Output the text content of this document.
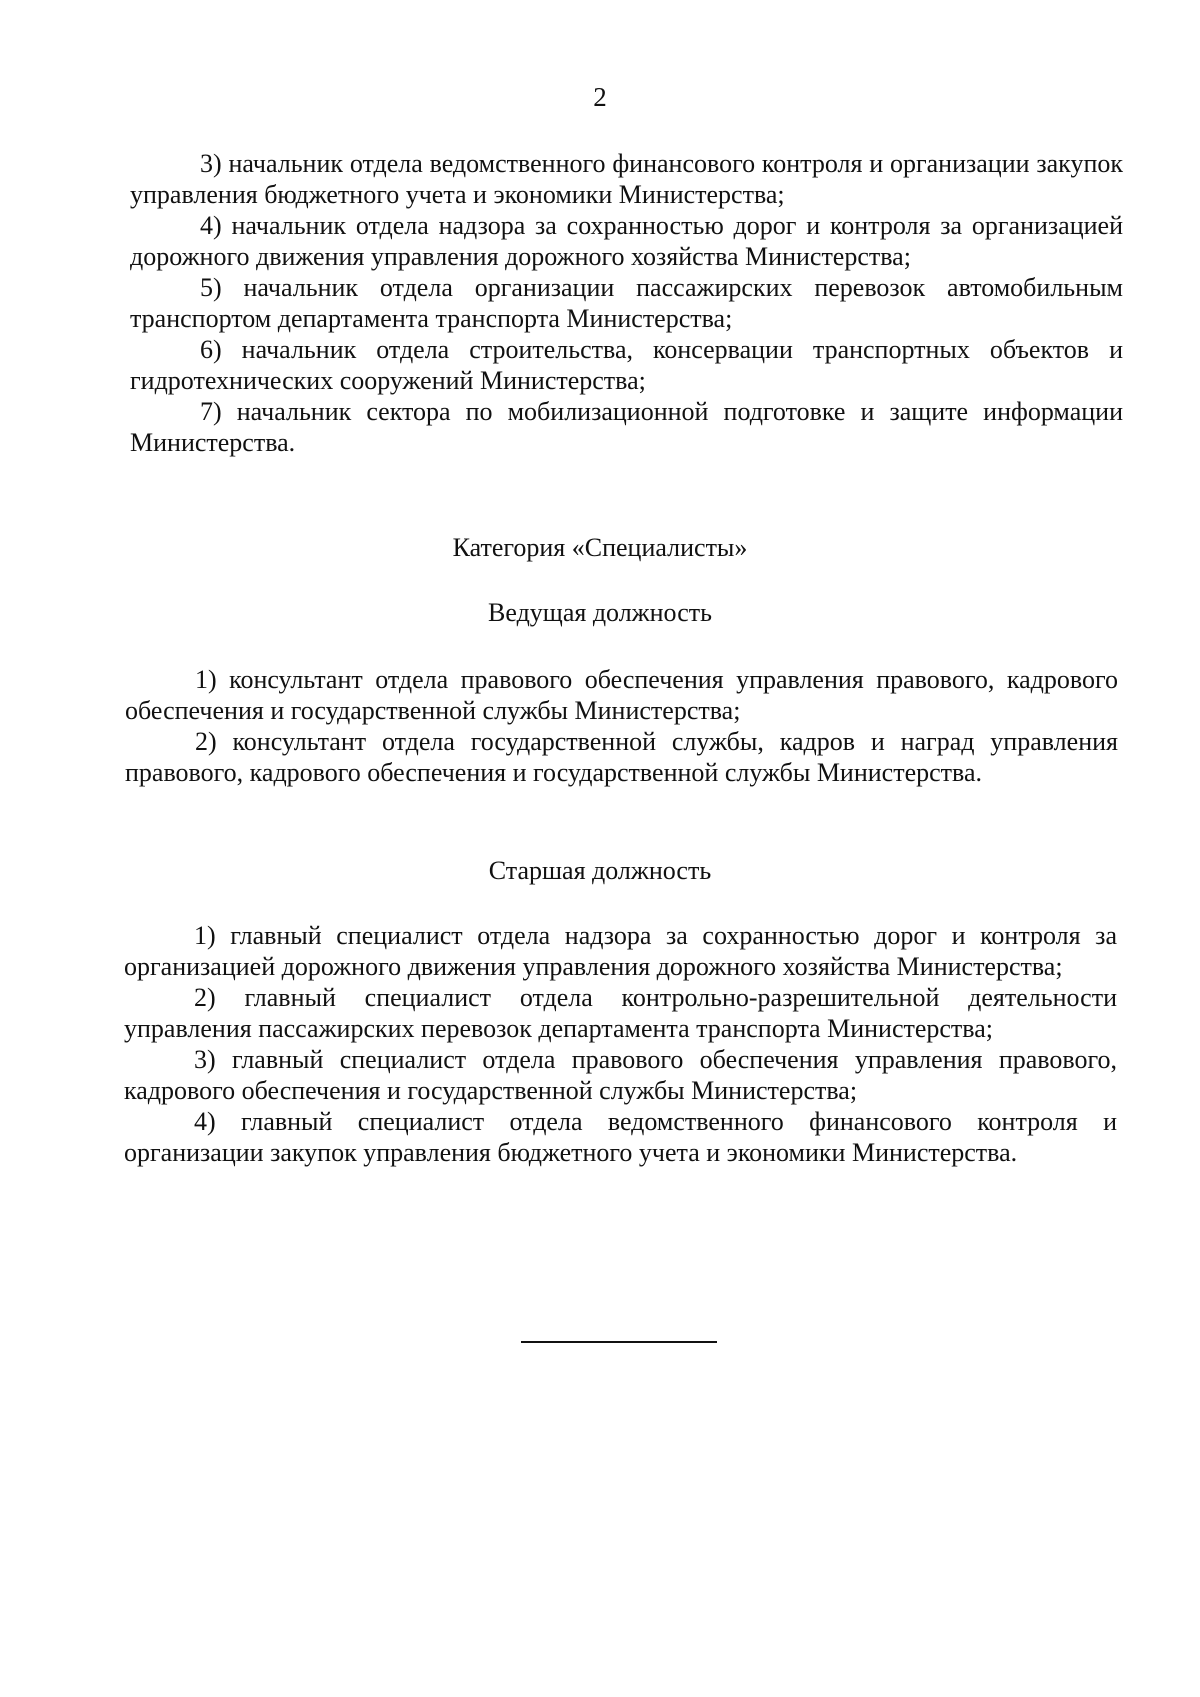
2

3) начальник отдела ведомственного финансового контроля и организации закупок управления бюджетного учета и экономики Министерства;

4) начальник отдела надзора за сохранностью дорог и контроля за организацией дорожного движения управления дорожного хозяйства Министерства;

5) начальник отдела организации пассажирских перевозок автомобильным транспортом департамента транспорта Министерства;

6) начальник отдела строительства, консервации транспортных объектов и гидротехнических сооружений Министерства;

7) начальник сектора по мобилизационной подготовке и защите информации Министерства.

Категория «Специалисты»
Ведущая должность

1) консультант отдела правового обеспечения управления правового, кадрового обеспечения и государственной службы Министерства;

2) консультант отдела государственной службы, кадров и наград управления правового, кадрового обеспечения и государственной службы Министерства.

Старшая должность

1) главный специалист отдела надзора за сохранностью дорог и контроля за организацией дорожного движения управления дорожного хозяйства Министерства;

2) главный специалист отдела контрольно-разрешительной деятельности управления пассажирских перевозок департамента транспорта Министерства;

3) главный специалист отдела правового обеспечения управления правового, кадрового обеспечения и государственной службы Министерства;

4) главный специалист отдела ведомственного финансового контроля и организации закупок управления бюджетного учета и экономики Министерства.
